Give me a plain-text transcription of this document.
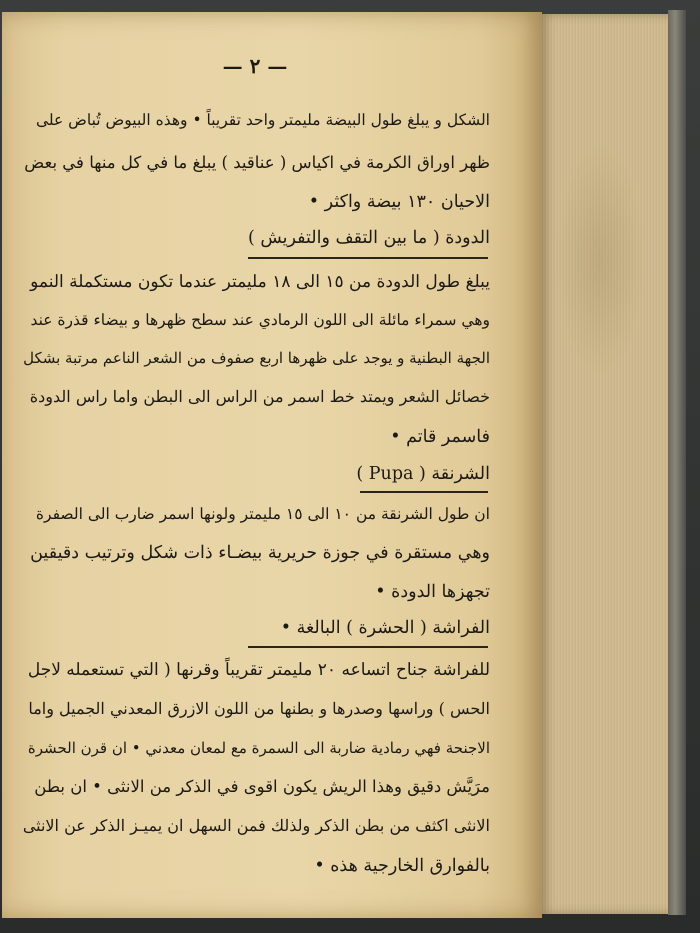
— ٢ —
الشكل و يبلغ طول البيضة مليمتر واحد تقريباً • وهذه البيوض تُباض على
ظهر اوراق الكرمة في اكياس ( عناقيد ) يبلغ ما في كل منها في بعض
الاحيان ١٣٠ بيضة واكثر •
الدودة ( ما بين التقف والتفريش )
يبلغ طول الدودة من ١٥ الى ١٨ مليمتر عندما تكون مستكملة النمو
وهي سمراء مائلة الى اللون الرمادي عند سطح ظهرها و بيضاء قذرة عند
الجهة البطنية و يوجد على ظهرها اربع صفوف من الشعر الناعم مرتبة بشكل
خصائل الشعر ويمتد خط اسمر من الراس الى البطن واما راس الدودة
فاسمر قاتم •
الشرنقة ( Pupa )
ان طول الشرنقة من ١٠ الى ١٥ مليمتر ولونها اسمر ضارب الى الصفرة
وهي مستقرة في جوزة حريرية بيضـاء ذات شكل وترتيب دقيقين
تجهزها الدودة •
الفراشة ( الحشرة ) البالغة •
للفراشة جناح اتساعه ٢٠ مليمتر تقريباً وقرنها ( التي تستعمله لاجل
الحس ) وراسها وصدرها و بطنها من اللون الازرق المعدني الجميل واما
الاجنحة فهي رمادية ضاربة الى السمرة مع لمعان معدني • ان قرن الحشرة
مرَيَّش دقيق وهذا الريش يكون اقوى في الذكر من الانثى • ان بطن
الانثى اكثف من بطن الذكر ولذلك فمن السهل ان يميـز الذكر عن الانثى
بالفوارق الخارجية هذه •
